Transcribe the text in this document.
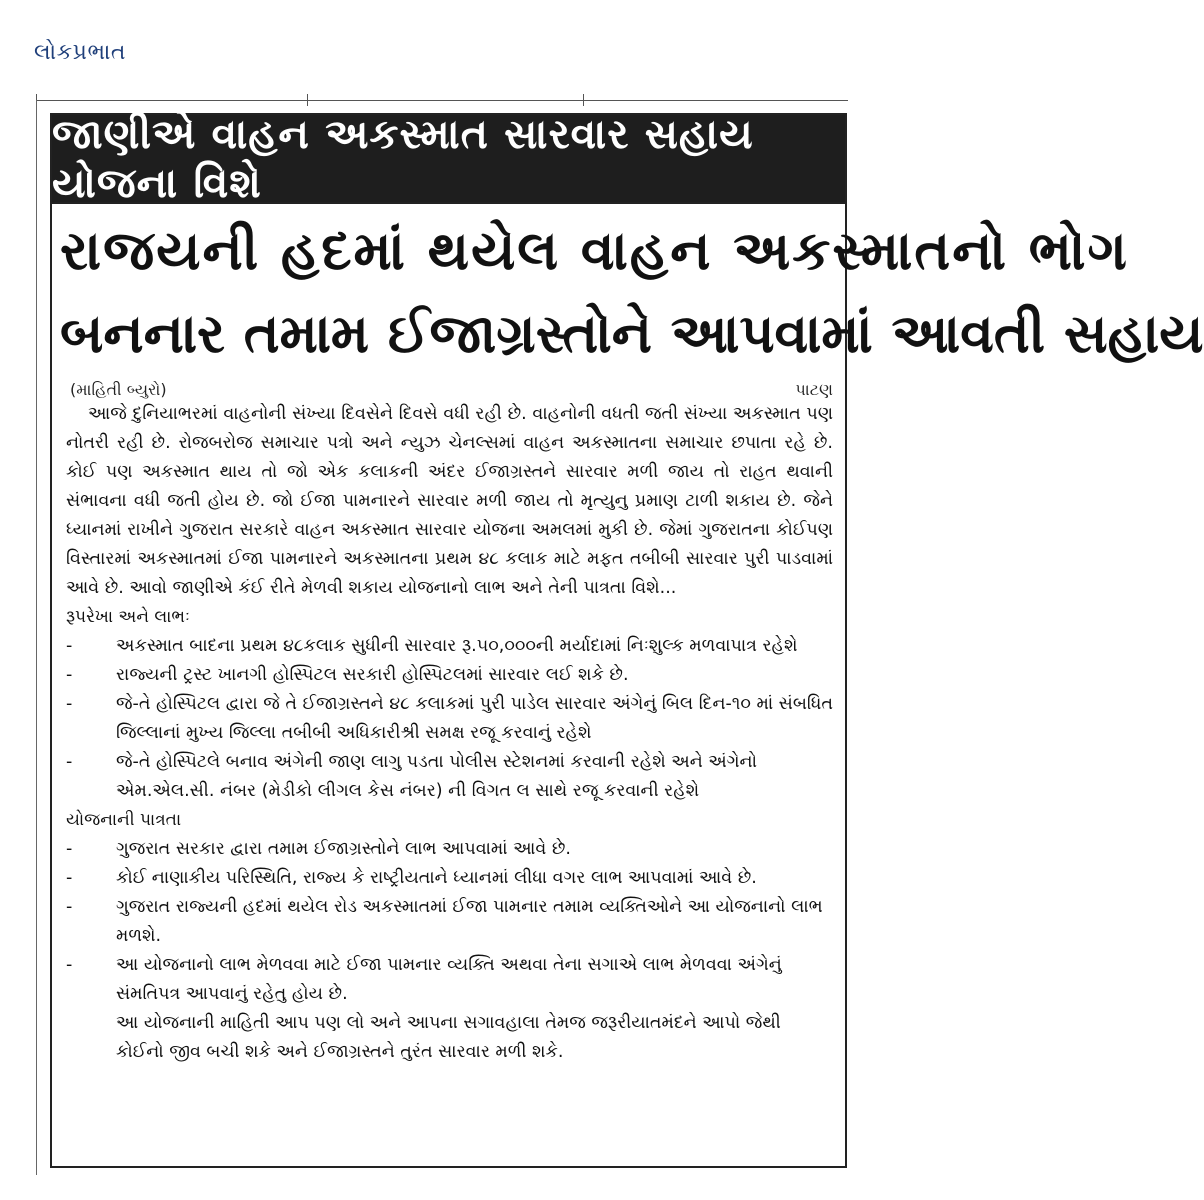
લોકપ્રભાત
જાણીએ વાહન અકસ્માત સારવાર સહાય યોજના વિશે
રાજયની હદમાં થયેલ વાહન અકસ્માતનો ભોગ
બનનાર તમામ ઈજાગ્રસ્તોને આપવામાં આવતી સહાય
(માહિતી બ્યુરો)	પાટણ

આજે દુનિયાભરમાં વાહનોની સંખ્યા દિવસેને દિવસે વધી રહી છે. વાહનોની વધતી જતી સંખ્યા અકસ્માત પણ નોતરી રહી છે. રોજબરોજ સમાચાર પત્રો અને ન્યુઝ ચેનલ્સમાં વાહન અકસ્માતના સમાચાર છપાતા રહે છે. કોઈ પણ અકસ્માત થાય તો જો એક કલાકની અંદર ઈજાગ્રસ્તને સારવાર મળી જાય તો રાહત થવાની સંભાવના વધી જતી હોય છે. જો ઈજા પામનારને સારવાર મળી જાય તો મૃત્યુનુ પ્રમાણ ટાળી શકાય છે. જેને ધ્યાનમાં રાખીને ગુજરાત સરકારે વાહન અકસ્માત સારવાર યોજના અમલમાં મુકી છે. જેમાં ગુજરાતના કોઈપણ વિસ્તારમાં અકસ્માતમાં ઈજા પામનારને અકસ્માતના પ્રથમ ૪૮ કલાક માટે મફત તબીબી સારવાર પુરી પાડવામાં આવે છે. આવો જાણીએ કંઈ રીતે મેળવી શકાય યોજનાનો લાભ અને તેની પાત્રતા વિશે...

રૂપરેખા અને લાભઃ

-	અકસ્માત બાદના પ્રથમ ૪૮કલાક સુધીની સારવાર રૂ.૫૦,૦૦૦ની મર્યાદામાં નિઃશુલ્ક મળવાપાત્ર રહેશે
-	રાજ્યની ટ્રસ્ટ ખાનગી હોસ્પિટલ સરકારી હોસ્પિટલમાં સારવાર લઈ શકે છે.
-	જે-તે હોસ્પિટલ દ્વારા જે તે ઈજાગ્રસ્તને ૪૮ કલાકમાં પુરી પાડેલ સારવાર અંગેનું બિલ દિન-૧૦ માં સંબધિત જિલ્લાનાં મુખ્ય જિલ્લા તબીબી અધિકારીશ્રી સમક્ષ રજૂ કરવાનું રહેશે
-	જે-તે હોસ્પિટલે બનાવ અંગેની જાણ લાગુ પડતા પોલીસ સ્ટેશનમાં કરવાની રહેશે અને અંગેનો એમ.એલ.સી. નંબર (મેડીકો લીગલ કેસ નંબર) ની વિગત લ સાથે રજૂ કરવાની રહેશે

યોજનાની પાત્રતા

-	ગુજરાત સરકાર દ્વારા તમામ ઈજાગ્રસ્તોને લાભ આપવામાં આવે છે.
-	કોઈ નાણાકીય પરિસ્થિતિ, રાજ્ય કે રાષ્ટ્રીયતાને ધ્યાનમાં લીધા વગર લાભ આપવામાં આવે છે.
-	ગુજરાત રાજ્યની હદમાં થયેલ રોડ અકસ્માતમાં ઈજા પામનાર તમામ વ્યક્તિઓને આ યોજનાનો લાભ મળશે.
-	આ યોજનાનો લાભ મેળવવા માટે ઈજા પામનાર વ્યક્તિ અથવા તેના સગાએ લાભ મેળવવા અંગેનું સંમતિપત્ર આપવાનું રહેતુ હોય છે.

આ યોજનાની માહિતી આપ પણ લો અને આપના સગાવહાલા તેમજ જરૂરીયાતમંદને આપો જેથી કોઈનો જીવ બચી શકે અને ઈજાગ્રસ્તને તુરંત સારવાર મળી શકે.
